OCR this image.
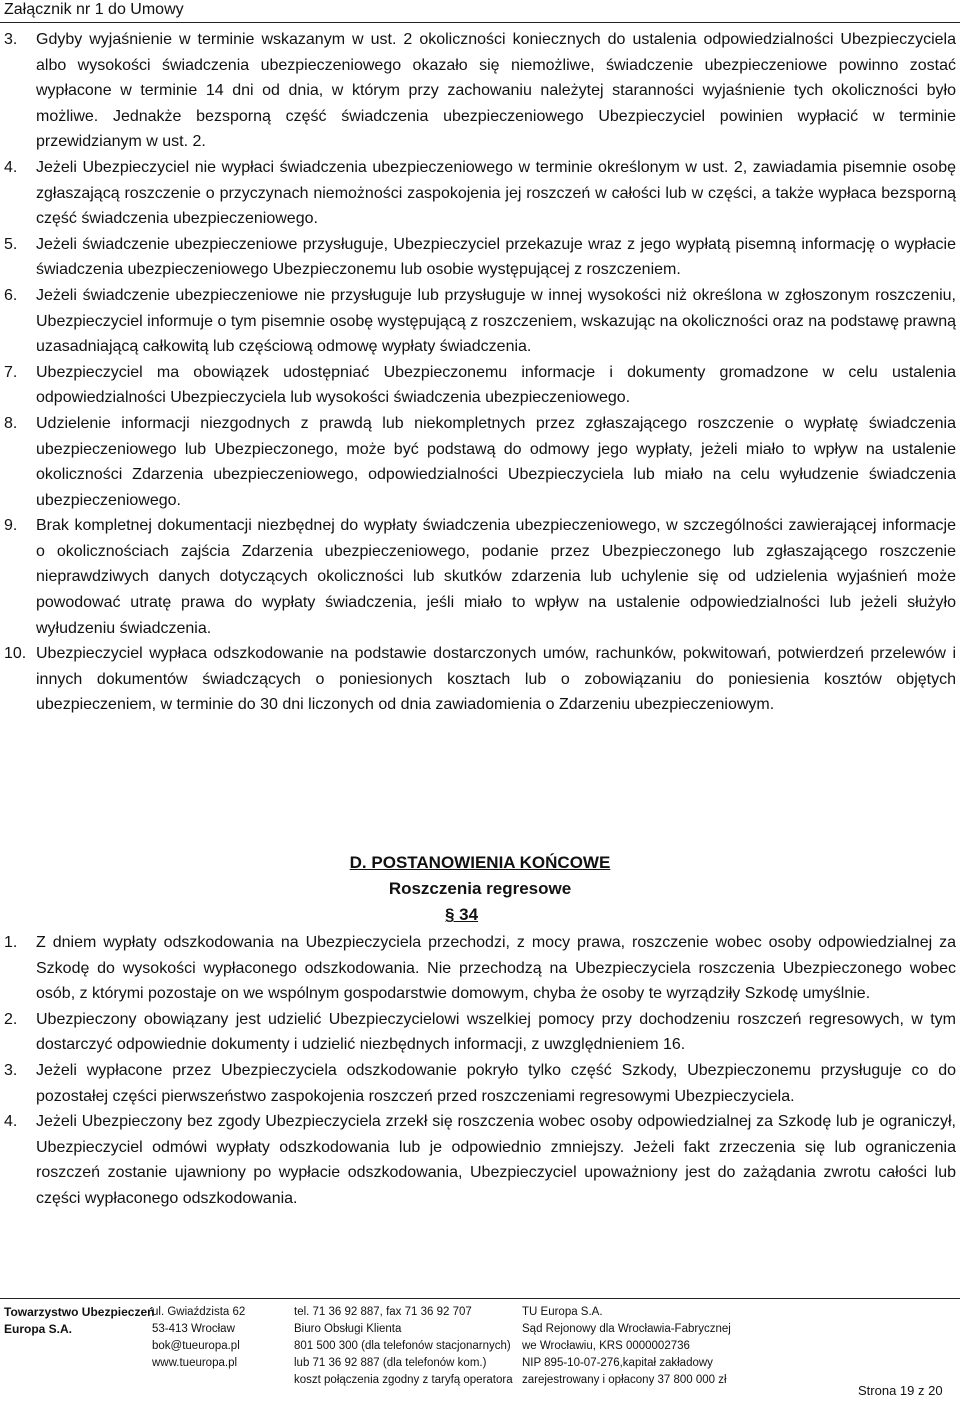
Załącznik nr 1 do Umowy
3.	Gdyby wyjaśnienie w terminie wskazanym w ust. 2 okoliczności koniecznych do ustalenia odpowiedzialności Ubezpieczyciela albo wysokości świadczenia ubezpieczeniowego okazało się niemożliwe, świadczenie ubezpieczeniowe powinno zostać wypłacone w terminie 14 dni od dnia, w którym przy zachowaniu należytej staranności wyjaśnienie tych okoliczności było możliwe. Jednakże bezsporną część świadczenia ubezpieczeniowego Ubezpieczyciel powinien wypłacić w terminie przewidzianym w ust. 2.
4.	Jeżeli Ubezpieczyciel nie wypłaci świadczenia ubezpieczeniowego w terminie określonym w ust. 2, zawiadamia pisemnie osobę zgłaszającą roszczenie o przyczynach niemożności zaspokojenia jej roszczeń w całości lub w części, a także wypłaca bezsporną część świadczenia ubezpieczeniowego.
5.	Jeżeli świadczenie ubezpieczeniowe przysługuje, Ubezpieczyciel przekazuje wraz z jego wypłatą pisemną informację o wypłacie świadczenia ubezpieczeniowego Ubezpieczonemu lub osobie występującej z roszczeniem.
6.	Jeżeli świadczenie ubezpieczeniowe nie przysługuje lub przysługuje w innej wysokości niż określona w zgłoszonym roszczeniu, Ubezpieczyciel informuje o tym pisemnie osobę występującą z roszczeniem, wskazując na okoliczności oraz na podstawę prawną uzasadniającą całkowitą lub częściową odmowę wypłaty świadczenia.
7.	Ubezpieczyciel ma obowiązek udostępniać Ubezpieczonemu informacje i dokumenty gromadzone w celu ustalenia odpowiedzialności Ubezpieczyciela lub wysokości świadczenia ubezpieczeniowego.
8.	Udzielenie informacji niezgodnych z prawdą lub niekompletnych przez zgłaszającego roszczenie o wypłatę świadczenia ubezpieczeniowego lub Ubezpieczonego, może być podstawą do odmowy jego wypłaty, jeżeli miało to wpływ na ustalenie okoliczności Zdarzenia ubezpieczeniowego, odpowiedzialności Ubezpieczyciela lub miało na celu wyłudzenie świadczenia ubezpieczeniowego.
9.	Brak kompletnej dokumentacji niezbędnej do wypłaty świadczenia ubezpieczeniowego, w szczególności zawierającej informacje o okolicznościach zajścia Zdarzenia ubezpieczeniowego, podanie przez Ubezpieczonego lub zgłaszającego roszczenie nieprawdziwych danych dotyczących okoliczności lub skutków zdarzenia lub uchylenie się od udzielenia wyjaśnień może powodować utratę prawa do wypłaty świadczenia, jeśli miało to wpływ na ustalenie odpowiedzialności lub jeżeli służyło wyłudzeniu świadczenia.
10. Ubezpieczyciel wypłaca odszkodowanie na podstawie dostarczonych umów, rachunków, pokwitowań, potwierdzeń przelewów i innych dokumentów świadczących o poniesionych kosztach lub o zobowiązaniu do poniesienia kosztów objętych ubezpieczeniem, w terminie do 30 dni liczonych od dnia zawiadomienia o Zdarzeniu ubezpieczeniowym.
D. POSTANOWIENIA KOŃCOWE
Roszczenia regresowe
§ 34
1.	Z dniem wypłaty odszkodowania na Ubezpieczyciela przechodzi, z mocy prawa, roszczenie wobec osoby odpowiedzialnej za Szkodę do wysokości wypłaconego odszkodowania. Nie przechodzą na Ubezpieczyciela roszczenia Ubezpieczonego wobec osób, z którymi pozostaje on we wspólnym gospodarstwie domowym, chyba że osoby te wyrządziły Szkodę umyślnie.
2.	Ubezpieczony obowiązany jest udzielić Ubezpieczycielowi wszelkiej pomocy przy dochodzeniu roszczeń regresowych, w tym dostarczyć odpowiednie dokumenty i udzielić niezbędnych informacji, z uwzględnieniem 16.
3.	Jeżeli wypłacone przez Ubezpieczyciela odszkodowanie pokryło tylko część Szkody, Ubezpieczonemu przysługuje co do pozostałej części pierwszeństwo zaspokojenia roszczeń przed roszczeniami regresowymi Ubezpieczyciela.
4.	Jeżeli Ubezpieczony bez zgody Ubezpieczyciela zrzekł się roszczenia wobec osoby odpowiedzialnej za Szkodę lub je ograniczył, Ubezpieczyciel odmówi wypłaty odszkodowania lub je odpowiednio zmniejszy. Jeżeli fakt zrzeczenia się lub ograniczenia roszczeń zostanie ujawniony po wypłacie odszkodowania, Ubezpieczyciel upoważniony jest do zażądania zwrotu całości lub części wypłaconego odszkodowania.
Towarzystwo Ubezpieczeń
Europa S.A.
ul. Gwiaździsta 62
53-413 Wrocław
bok@tueuropa.pl
www.tueuropa.pl
tel. 71 36 92 887, fax 71 36 92 707
Biuro Obsługi Klienta
801 500 300 (dla telefonów stacjonarnych)
lub 71 36 92 887 (dla telefonów kom.)
koszt połączenia zgodny z taryfą operatora
TU Europa S.A.
Sąd Rejonowy dla Wrocławia-Fabrycznej
we Wrocławiu, KRS 0000002736
NIP 895-10-07-276,kapitał zakładowy
zarejestrowany i opłacony 37 800 000 zł
Strona 19 z 20
